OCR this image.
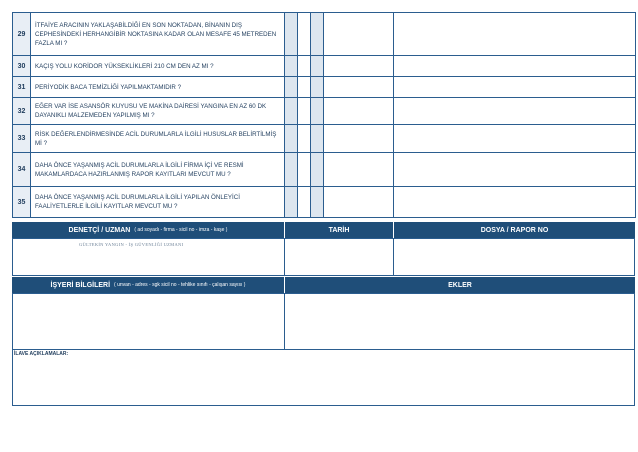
29	İTFAİYE ARACININ YAKLAŞABİLDİĞİ EN SON NOKTADAN, BİNANIN DIŞ CEPHESİNDEKİ HERHANGİBİR NOKTASINA KADAR OLAN MESAFE 45 METREDEN FAZLA MI ?					
30	KAÇIŞ YOLU KORİDOR YÜKSEKLİKLERİ 210 CM DEN AZ MI ?					
31	PERİYODİK BACA TEMİZLİĞİ YAPILMAKTAMIDIR ?					
32	EĞER VAR İSE ASANSÖR KUYUSU VE MAKİNA DAİRESİ YANGINA EN AZ 60 DK DAYANIKLI MALZEMEDEN YAPILMIŞ MI ?					
33	RİSK DEĞERLENDİRMESİNDE ACİL DURUMLARLA İLGİLİ HUSUSLAR BELİRTİLMİŞ Mİ ?					
34	DAHA ÖNCE YAŞANMIŞ ACİL DURUMLARLA İLGİLİ FİRMA İÇİ VE RESMİ MAKAMLARDACA HAZIRLANMIŞ RAPOR KAYITLARI MEVCUT MU ?					
35	DAHA ÖNCE YAŞANMIŞ ACİL DURUMLARLA İLGİLİ YAPILAN ÖNLEYİCİ FAALİYETLERLE İLGİLİ KAYITLAR MEVCUT MU ?					
DENETÇİ / UZMAN ( ad soyadı - firma - sicil no - imza - kaşe )	TARİH	DOSYA / RAPOR NO
GÜLTEKİN YANGIN - İŞ GÜVENLİĞİ UZMANI
İŞYERİ BİLGİLERİ ( unvan - adres - sgk sicil no - tehlike sınıfı - çalışan sayısı )	EKLER
İLAVE AÇIKLAMALAR:
